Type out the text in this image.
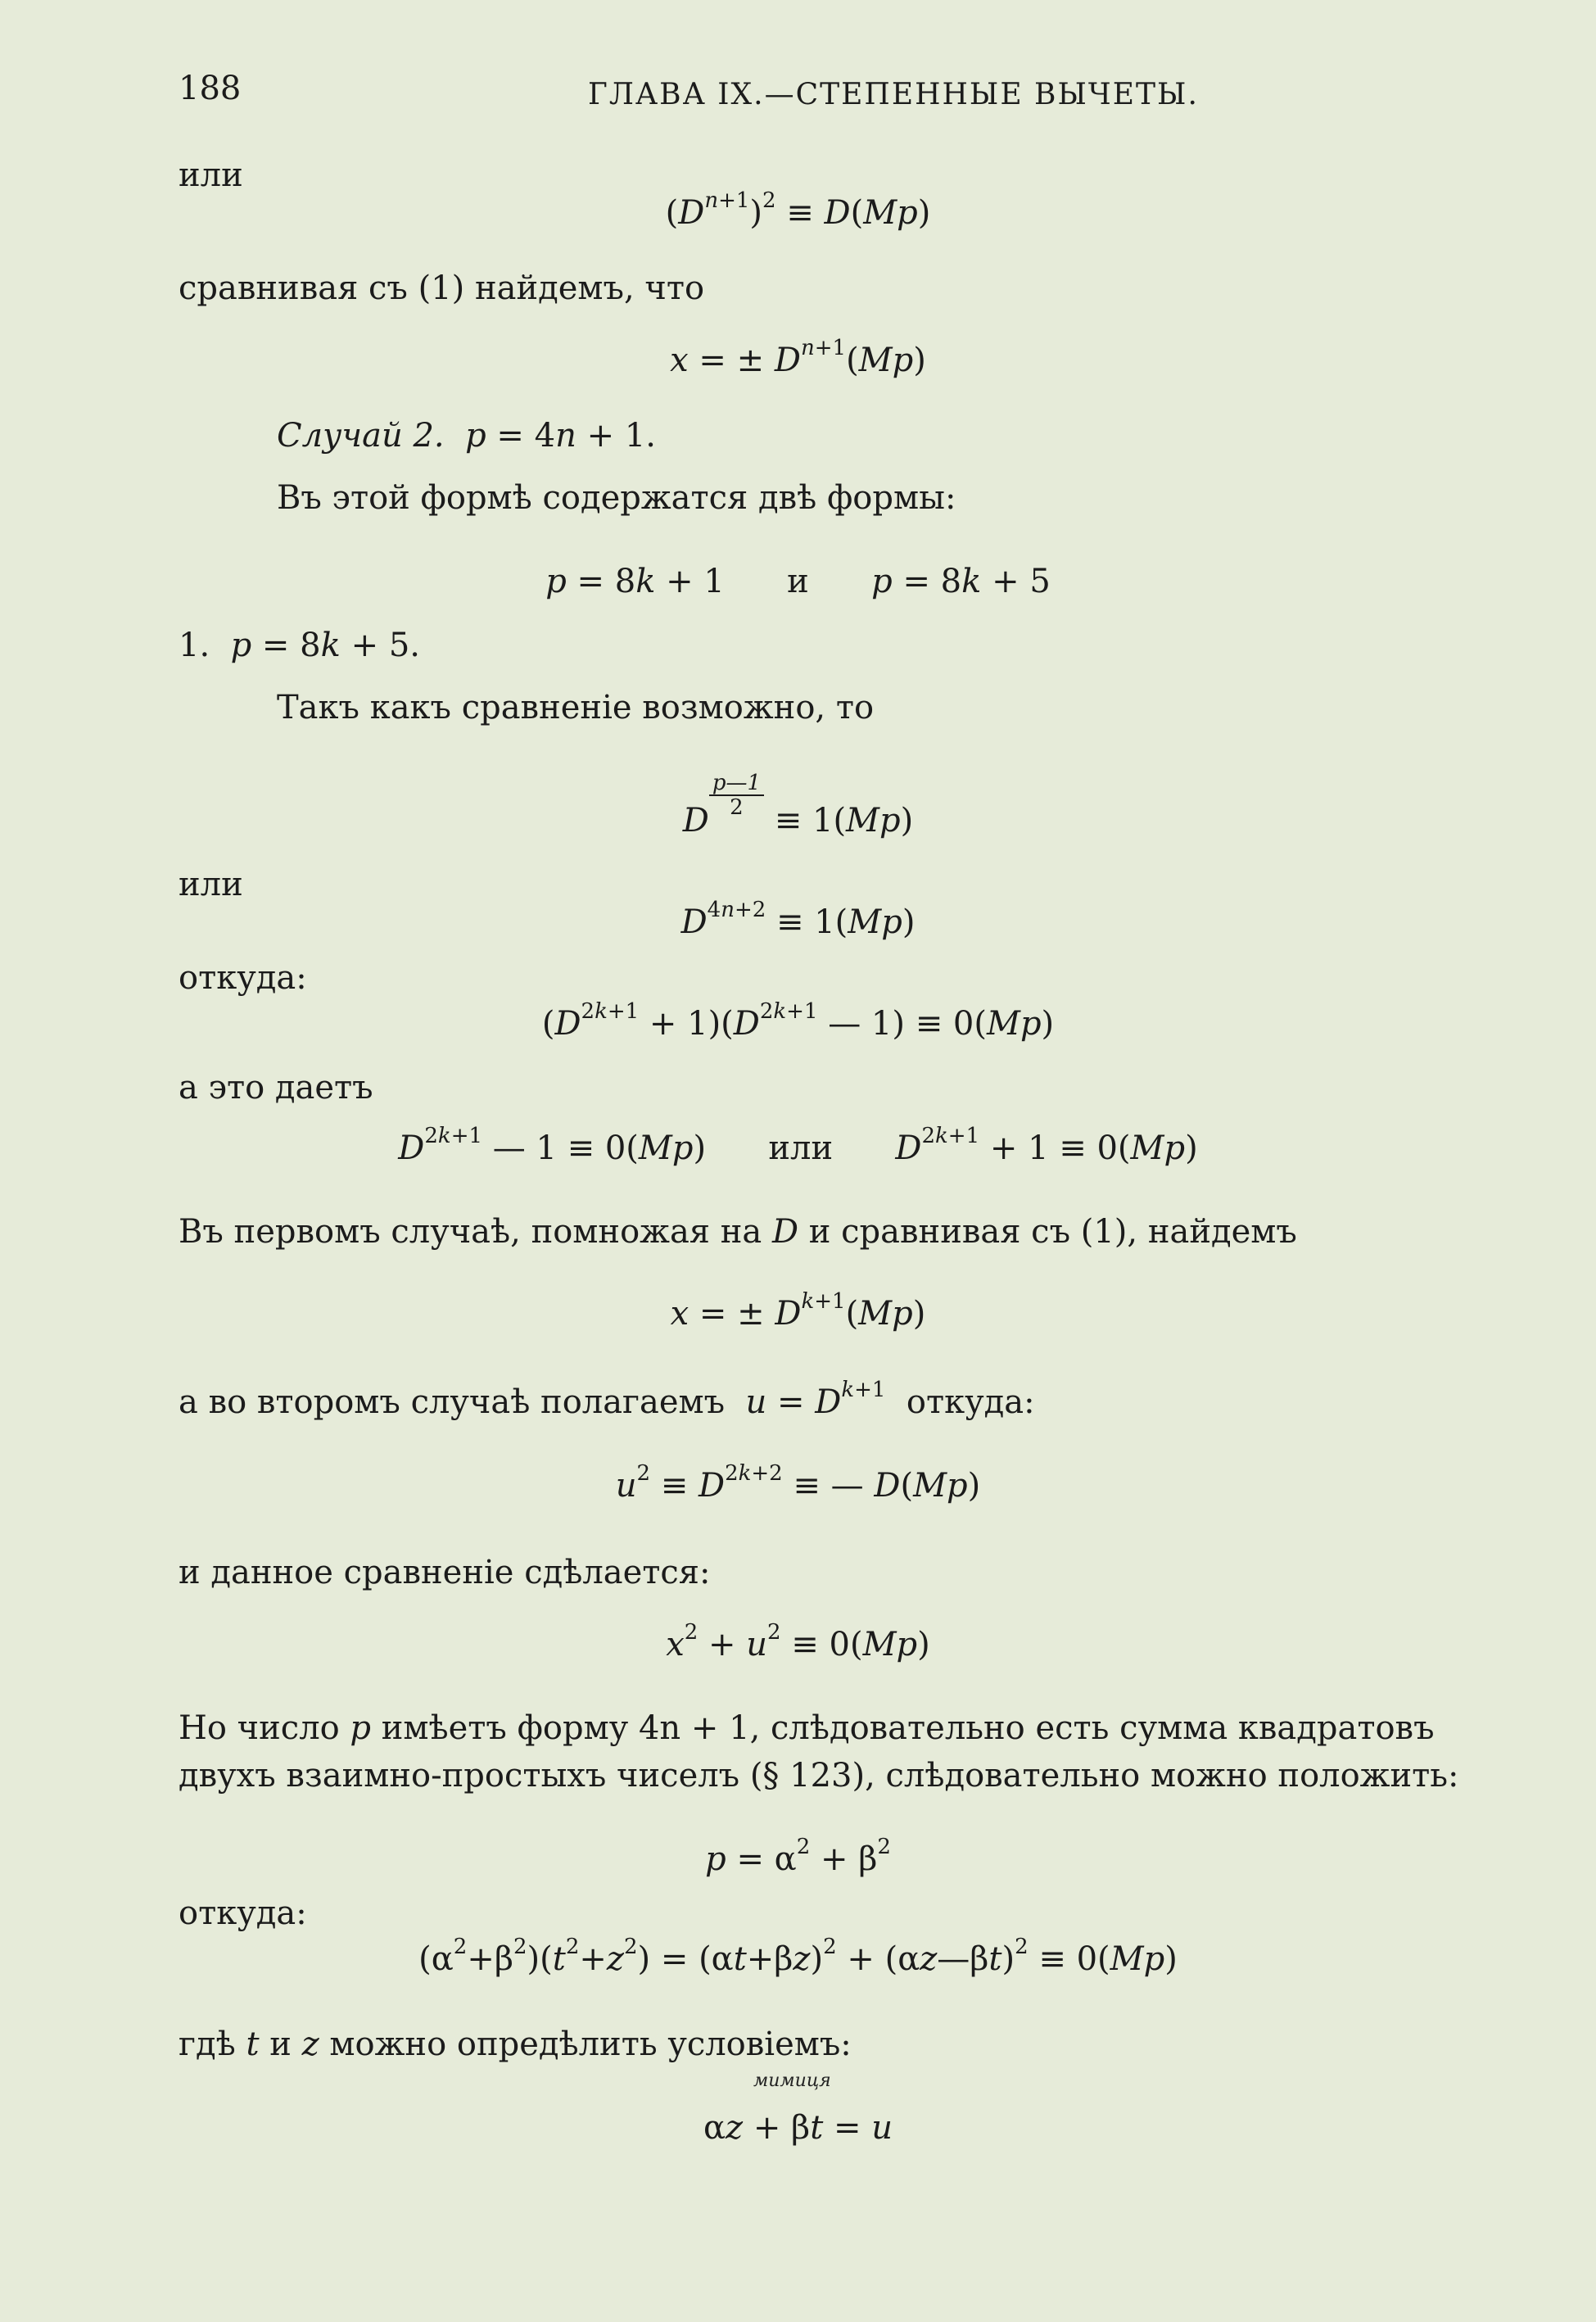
188	ГЛАВА IX.—СТЕПЕННЫЕ ВЫЧЕТЫ.
или
$(D^{n+1})^2 \equiv D(Mp)$
сравнивая съ (1) найдемъ, что
x = ± $D^{n+1}(Mp)$
Случай 2. p = 4n + 1.
Въ этой формѣ содержатся двѣ формы:
p = 8k + 1      и p = 8k + 5
1. p = 8k + 5.
Такъ какъ сравненіе возможно, то
D
$\frac{p—1}{2}$
≡ 1(Mp)
или
$D^{4n+2} \equiv 1(Mp)$
откуда:
$(D^{2k+1} + 1)(D^{2k+1}$ — 1) ≡ 0(Mp)
а это даетъ
$D^{2k+1}$ — 1 ≡ 0(Mp)      или $D^{2k+1} + 1 \equiv 0(Mp)$
Въ первомъ случаѣ, помножая на D и сравнивая съ (1), найдемъ
x = ± $D^{k+1}(Mp)$
а во второмъ случаѣ полагаемъ $u = D^{k+1}$ откуда:
$u^2 \equiv D^{2k+2}$ ≡ — D(Mp)
и данное сравненіе сдѣлается:
$x^2 + u^2 \equiv 0(Mp)$
Но число p имѣетъ форму 4n + 1, слѣдовательно есть сумма квадратовъ
двухъ взаимно-простыхъ чиселъ (§ 123), слѣдовательно можно положить:
$p = \alpha^2 + \beta^2$
откуда:
$(\alpha^2+\beta^2)(t^2+z^2) = (\alpha t+\beta z)^2$ + (αz—βt)$^2$ ≡ 0(Mp)
гдѣ t и z можно опредѣлить условіемъ:
мимиця
αz + βt = u
